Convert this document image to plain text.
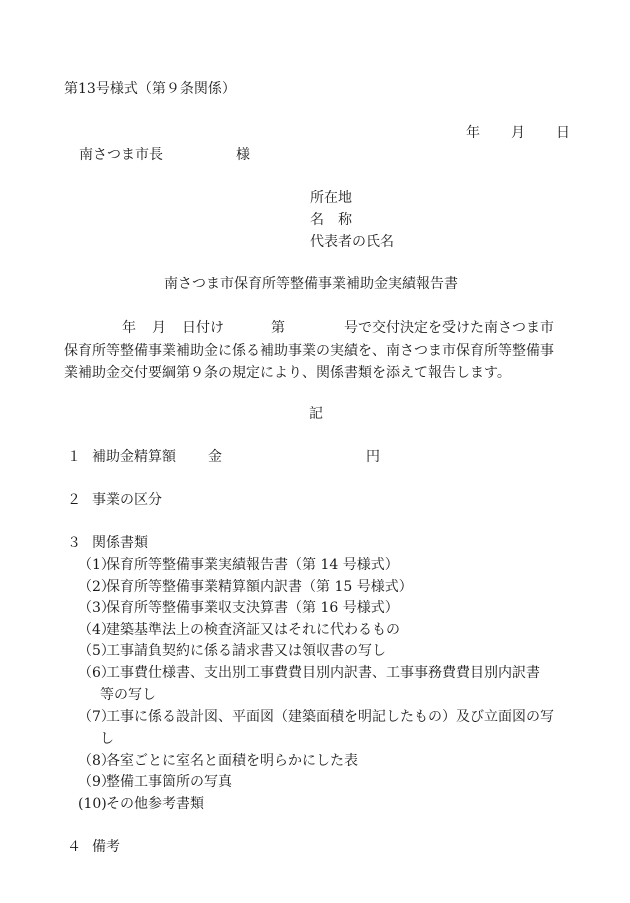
第13号様式（第９条関係）
年 月 日
南さつま市長	様
所在地
名　称
代表者の氏名
南さつま市保育所等整備事業補助金実績報告書
年 月 日付け	第	号で交付決定を受けた南さつま市
保育所等整備事業補助金に係る補助事業の実績を、南さつま市保育所等整備事
業補助金交付要綱第９条の規定により、関係書類を添えて報告します。
記
１ 補助金精算額 金	円
２ 事業の区分
３ 関係書類
（1）保育所等整備事業実績報告書（第 14 号様式）
（2）保育所等整備事業精算額内訳書（第 15 号様式）
（3）保育所等整備事業収支決算書（第 16 号様式）
（4）建築基準法上の検査済証又はそれに代わるもの
（5）工事請負契約に係る請求書又は領収書の写し
（6）工事費仕様書、支出別工事費費目別内訳書、工事事務費費目別内訳書
等の写し
（7）工事に係る設計図、平面図（建築面積を明記したもの）及び立面図の写
し
（8）各室ごとに室名と面積を明らかにした表
（9）整備工事箇所の写真
(10)その他参考書類
４ 備考
